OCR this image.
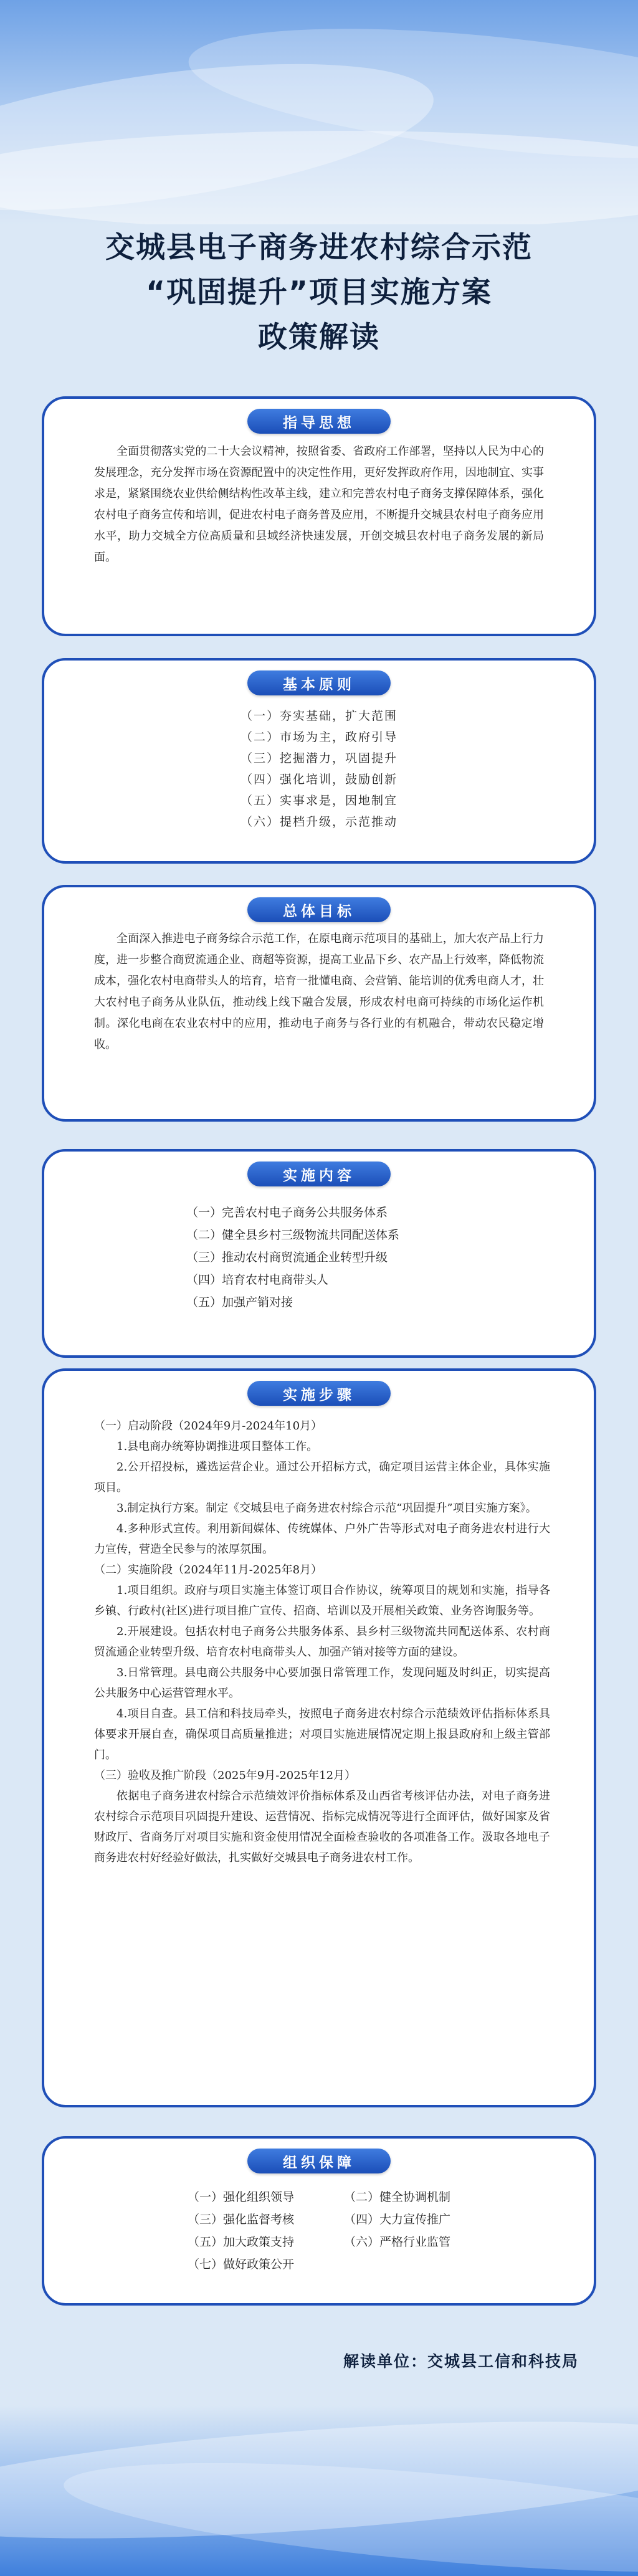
交城县电子商务进农村综合示范
“巩固提升”项目实施方案
政策解读
指导思想
全面贯彻落实党的二十大会议精神，按照省委、省政府工作部署，坚持以人民为中心的发展理念，充分发挥市场在资源配置中的决定性作用，更好发挥政府作用，因地制宜、实事求是，紧紧围绕农业供给侧结构性改革主线，建立和完善农村电子商务支撑保障体系，强化农村电子商务宣传和培训，促进农村电子商务普及应用，不断提升交城县农村电子商务应用水平，助力交城全方位高质量和县域经济快速发展，开创交城县农村电子商务发展的新局面。
基本原则
（一）夯实基础，扩大范围
（二）市场为主，政府引导
（三）挖掘潜力，巩固提升
（四）强化培训，鼓励创新
（五）实事求是，因地制宜
（六）提档升级，示范推动
总体目标
全面深入推进电子商务综合示范工作，在原电商示范项目的基础上，加大农产品上行力度，进一步整合商贸流通企业、商超等资源，提高工业品下乡、农产品上行效率，降低物流成本，强化农村电商带头人的培育，培育一批懂电商、会营销、能培训的优秀电商人才，壮大农村电子商务从业队伍，推动线上线下融合发展，形成农村电商可持续的市场化运作机制。深化电商在农业农村中的应用，推动电子商务与各行业的有机融合，带动农民稳定增收。
实施内容
（一）完善农村电子商务公共服务体系
（二）健全县乡村三级物流共同配送体系
（三）推动农村商贸流通企业转型升级
（四）培育农村电商带头人
（五）加强产销对接
实施步骤
（一）启动阶段（2024年9月-2024年10月）
1.县电商办统筹协调推进项目整体工作。
2.公开招投标，遴选运营企业。通过公开招标方式，确定项目运营主体企业，具体实施项目。
3.制定执行方案。制定《交城县电子商务进农村综合示范“巩固提升”项目实施方案》。
4.多种形式宣传。利用新闻媒体、传统媒体、户外广告等形式对电子商务进农村进行大力宣传，营造全民参与的浓厚氛围。
（二）实施阶段（2024年11月-2025年8月）
1.项目组织。政府与项目实施主体签订项目合作协议，统筹项目的规划和实施，指导各乡镇、行政村(社区)进行项目推广宣传、招商、培训以及开展相关政策、业务咨询服务等。
2.开展建设。包括农村电子商务公共服务体系、县乡村三级物流共同配送体系、农村商贸流通企业转型升级、培育农村电商带头人、加强产销对接等方面的建设。
3.日常管理。县电商公共服务中心要加强日常管理工作，发现问题及时纠正，切实提高公共服务中心运营管理水平。
4.项目自查。县工信和科技局牵头，按照电子商务进农村综合示范绩效评估指标体系具体要求开展自查，确保项目高质量推进；对项目实施进展情况定期上报县政府和上级主管部门。
（三）验收及推广阶段（2025年9月-2025年12月）
依据电子商务进农村综合示范绩效评价指标体系及山西省考核评估办法，对电子商务进农村综合示范项目巩固提升建设、运营情况、指标完成情况等进行全面评估，做好国家及省财政厅、省商务厅对项目实施和资金使用情况全面检查验收的各项准备工作。汲取各地电子商务进农村好经验好做法，扎实做好交城县电子商务进农村工作。
组织保障
（一）强化组织领导	（二）健全协调机制
（三）强化监督考核	（四）大力宣传推广
（五）加大政策支持	（六）严格行业监管
（七）做好政策公开
解读单位：交城县工信和科技局
